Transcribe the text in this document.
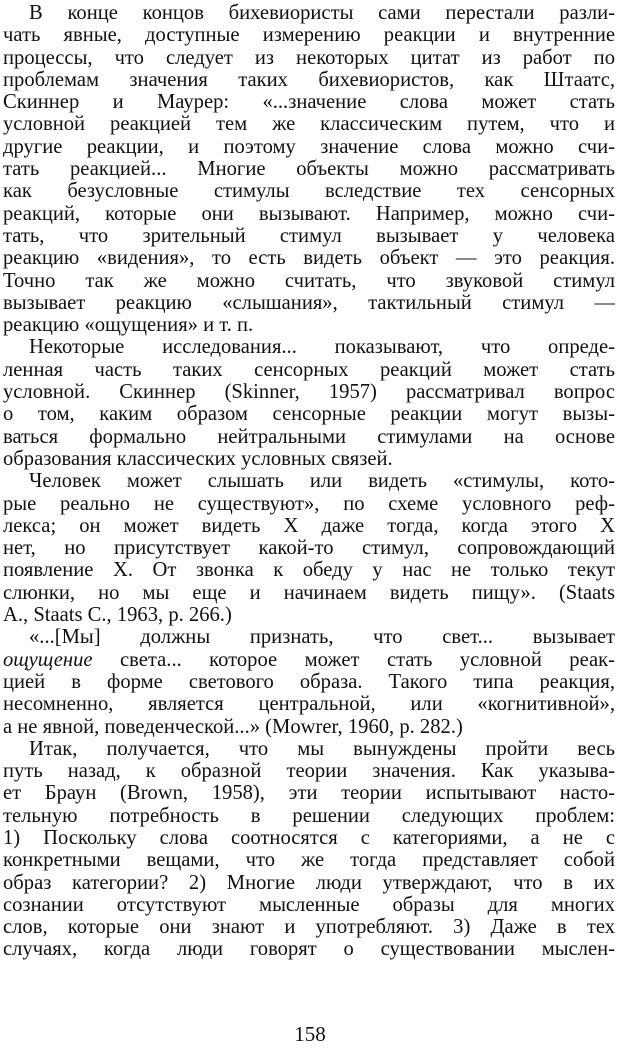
В конце концов бихевиористы сами перестали разли-
чать явные, доступные измерению реакции и внутренние
процессы, что следует из некоторых цитат из работ по
проблемам значения таких бихевиористов, как Штаатс,
Скиннер и Маурер: «...значение слова может стать
условной реакцией тем же классическим путем, что и
другие реакции, и поэтому значение слова можно счи-
тать реакцией... Многие объекты можно рассматривать
как безусловные стимулы вследствие тех сенсорных
реакций, которые они вызывают. Например, можно счи-
тать, что зрительный стимул вызывает у человека
реакцию «видения», то есть видеть объект — это реакция.
Точно так же можно считать, что звуковой стимул
вызывает реакцию «слышания», тактильный стимул —
реакцию «ощущения» и т. п.
Некоторые исследования... показывают, что опреде-
ленная часть таких сенсорных реакций может стать
условной. Скиннер (Skinner, 1957) рассматривал вопрос
о том, каким образом сенсорные реакции могут вызы-
ваться формально нейтральными стимулами на основе
образования классических условных связей.
Человек может слышать или видеть «стимулы, кото-
рые реально не существуют», по схеме условного реф-
лекса; он может видеть X даже тогда, когда этого X
нет, но присутствует какой-то стимул, сопровождающий
появление X. От звонка к обеду у нас не только текут
слюнки, но мы еще и начинаем видеть пищу». (Staats
A., Staats C., 1963, p. 266.)
«...[Мы] должны признать, что свет... вызывает
ощущение света... которое может стать условной реак-
цией в форме светового образа. Такого типа реакция,
несомненно, является центральной, или «когнитивной»,
а не явной, поведенческой...» (Mowrer, 1960, p. 282.)
Итак, получается, что мы вынуждены пройти весь
путь назад, к образной теории значения. Как указыва-
ет Браун (Brown, 1958), эти теории испытывают насто-
тельную потребность в решении следующих проблем:
1) Поскольку слова соотносятся с категориями, а не с
конкретными вещами, что же тогда представляет собой
образ категории? 2) Многие люди утверждают, что в их
сознании отсутствуют мысленные образы для многих
слов, которые они знают и употребляют. 3) Даже в тех
случаях, когда люди говорят о существовании мыслен-
158
